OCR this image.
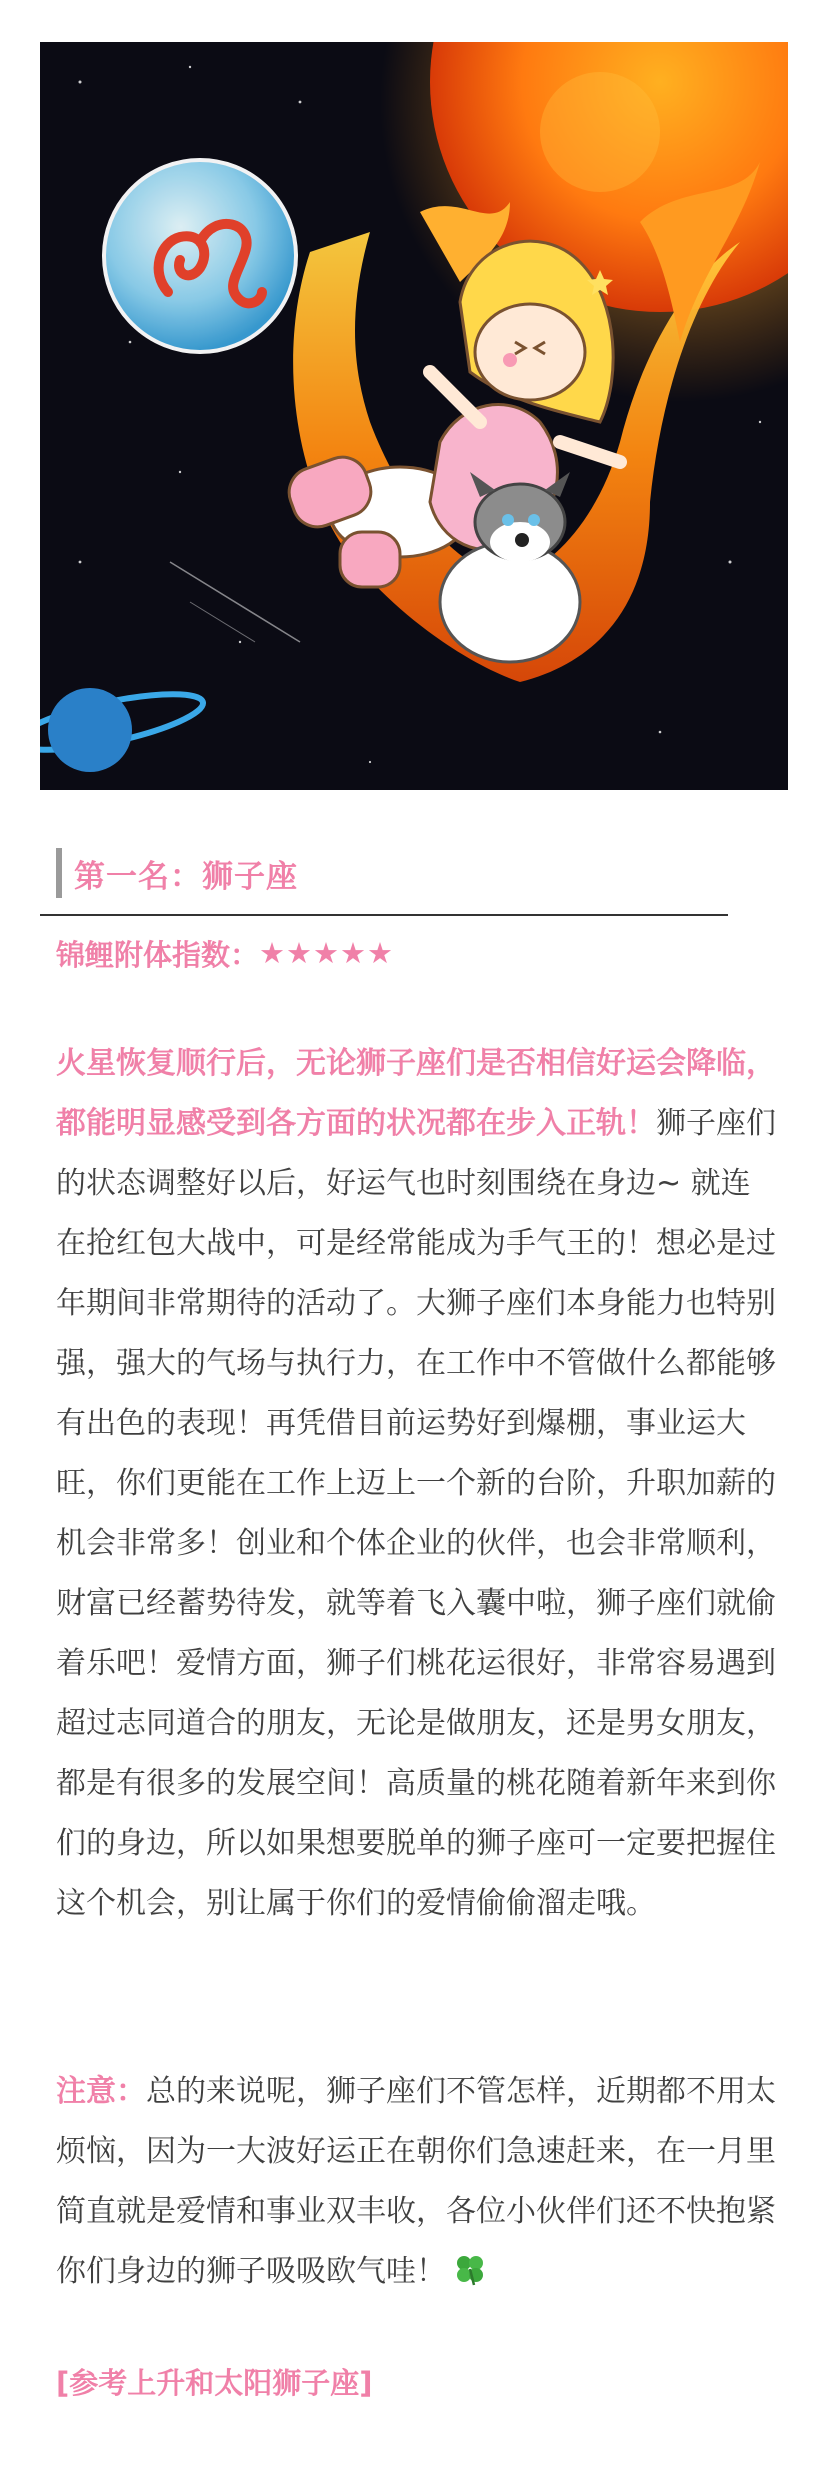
第一名：狮子座
锦鲤附体指数： ★★★★★

火星恢复顺行后，无论狮子座们是否相信好运会降临，都能明显感受到各方面的状况都在步入正轨！狮子座们的状态调整好以后，好运气也时刻围绕在身边~ 就连在抢红包大战中，可是经常能成为手气王的！想必是过年期间非常期待的活动了。大狮子座们本身能力也特别强，强大的气场与执行力，在工作中不管做什么都能够有出色的表现！再凭借目前运势好到爆棚，事业运大旺，你们更能在工作上迈上一个新的台阶，升职加薪的机会非常多！创业和个体企业的伙伴，也会非常顺利，财富已经蓄势待发，就等着飞入囊中啦，狮子座们就偷着乐吧！爱情方面，狮子们桃花运很好，非常容易遇到超过志同道合的朋友，无论是做朋友，还是男女朋友，都是有很多的发展空间！高质量的桃花随着新年来到你们的身边，所以如果想要脱单的狮子座可一定要把握住这个机会，别让属于你们的爱情偷偷溜走哦。

注意：总的来说呢，狮子座们不管怎样，近期都不用太烦恼，因为一大波好运正在朝你们急速赶来，在一月里简直就是爱情和事业双丰收，各位小伙伴们还不快抱紧你们身边的狮子吸吸欧气哇！

[参考上升和太阳狮子座]
